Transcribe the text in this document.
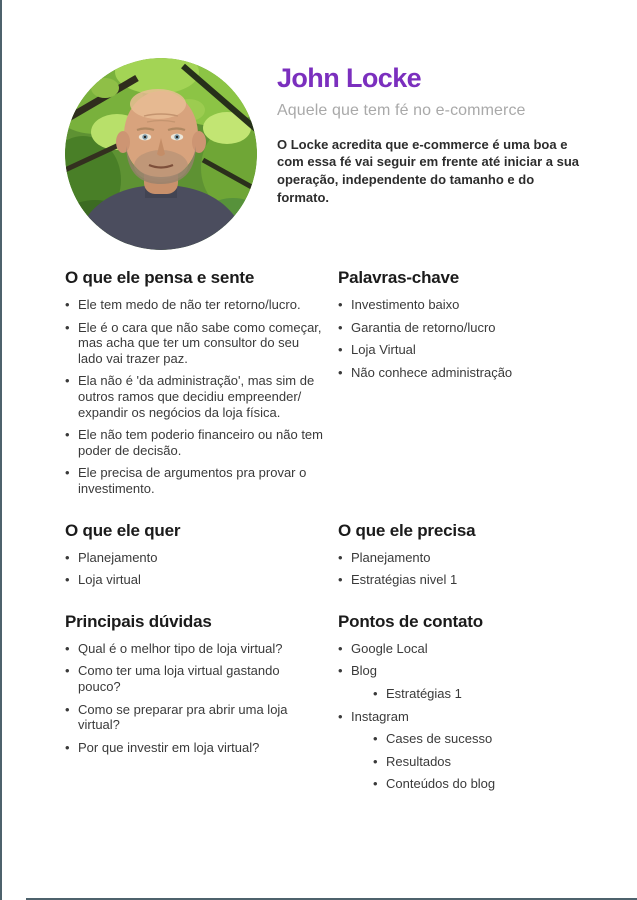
John Locke
Aquele que tem fé no e-commerce

O Locke acredita que e-commerce é uma boa e com essa fé vai seguir em frente até iniciar a sua operação, independente do tamanho e do formato.

O que ele pensa e sente
• Ele tem medo de não ter retorno/lucro.
• Ele é o cara que não sabe como começar, mas acha que ter um consultor do seu lado vai trazer paz.
• Ela não é 'da administração', mas sim de outros ramos que decidiu empreender/ expandir os negócios da loja física.
• Ele não tem poderio financeiro ou não tem poder de decisão.
• Ele precisa de argumentos pra provar o investimento.
Palavras-chave
• Investimento baixo
• Garantia de retorno/lucro
• Loja Virtual
• Não conhece administração
O que ele quer
• Planejamento
• Loja virtual
O que ele precisa
• Planejamento
• Estratégias nivel 1
Principais dúvidas
• Qual é o melhor tipo de loja virtual?
• Como ter uma loja virtual gastando pouco?
• Como se preparar pra abrir uma loja virtual?
• Por que investir em loja virtual?
Pontos de contato
• Google Local
• Blog
• Estratégias 1
• Instagram
• Cases de sucesso
• Resultados
• Conteúdos do blog
